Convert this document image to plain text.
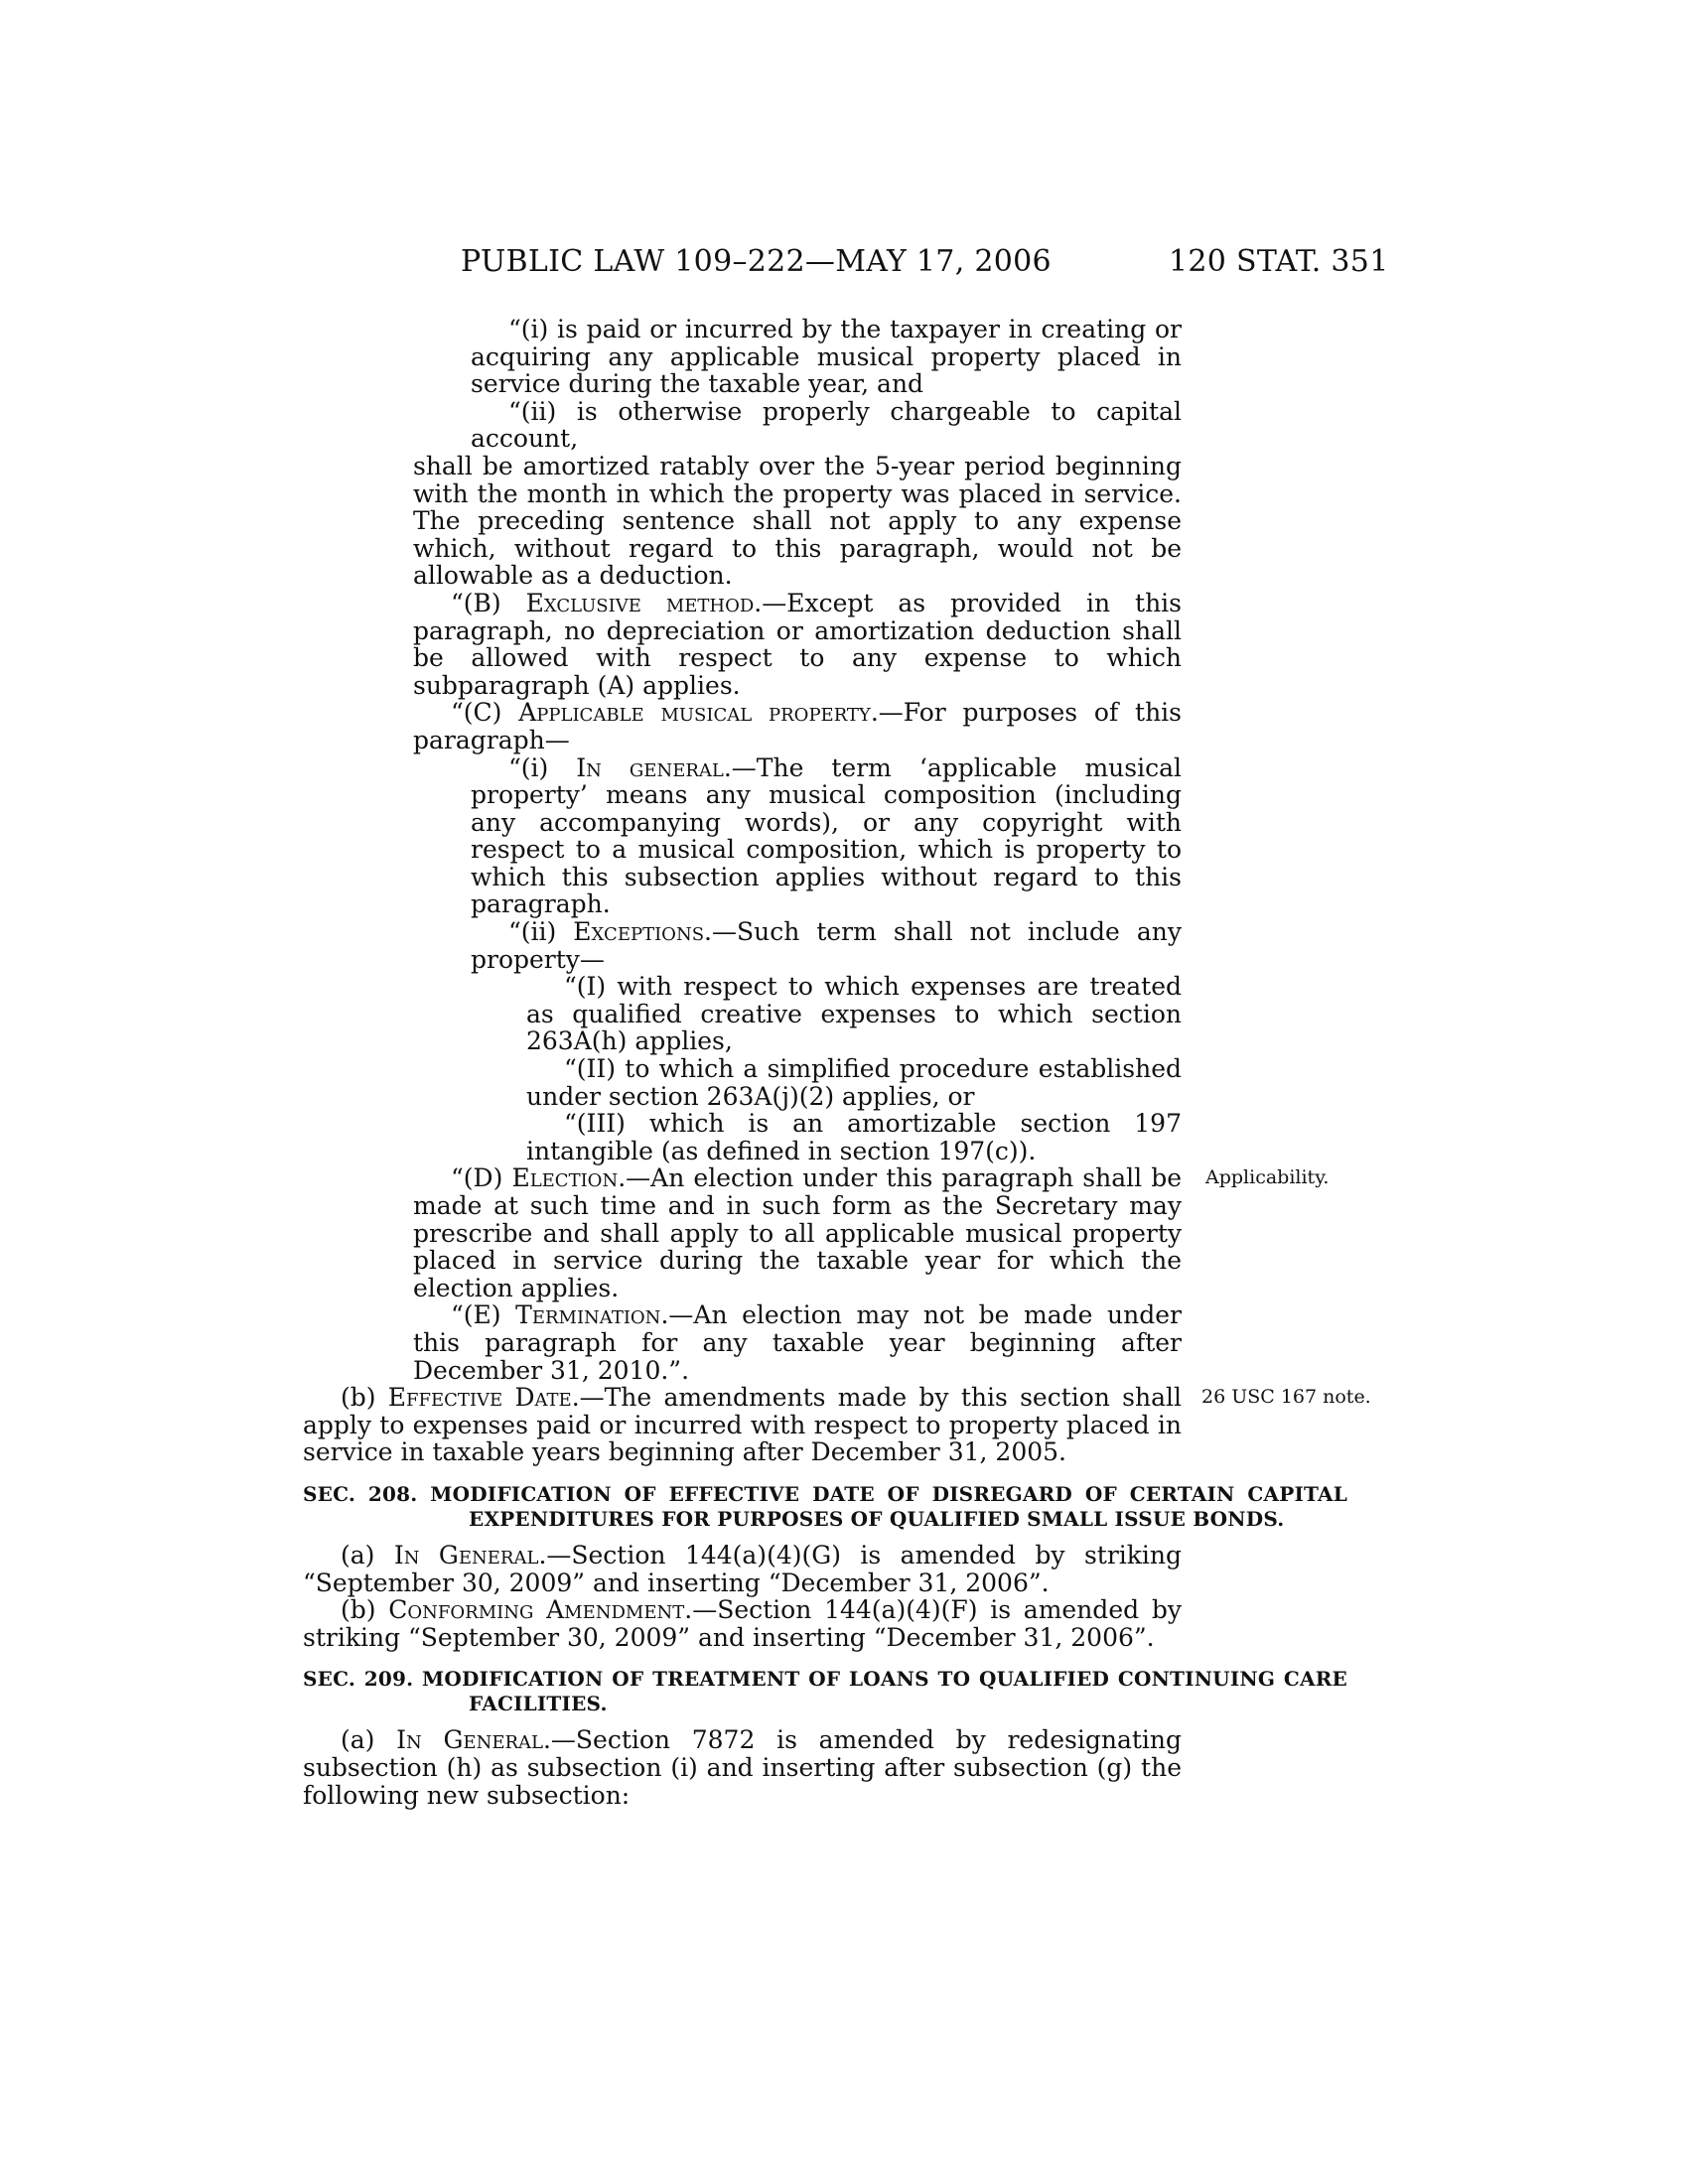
PUBLIC LAW 109–222—MAY 17, 2006	120 STAT. 351

“(i) is paid or incurred by the taxpayer in creating or acquiring any applicable musical property placed in service during the taxable year, and

“(ii) is otherwise properly chargeable to capital account,

shall be amortized ratably over the 5-year period beginning with the month in which the property was placed in service. The preceding sentence shall not apply to any expense which, without regard to this paragraph, would not be allowable as a deduction.

“(B) Exclusive method.—Except as provided in this paragraph, no depreciation or amortization deduction shall be allowed with respect to any expense to which subparagraph (A) applies.

“(C) Applicable musical property.—For purposes of this paragraph—

“(i) In general.—The term ‘applicable musical property’ means any musical composition (including any accompanying words), or any copyright with respect to a musical composition, which is property to which this subsection applies without regard to this paragraph.

“(ii) Exceptions.—Such term shall not include any property—

“(I) with respect to which expenses are treated as qualified creative expenses to which section 263A(h) applies,

“(II) to which a simplified procedure established under section 263A(j)(2) applies, or

“(III) which is an amortizable section 197 intangible (as defined in section 197(c)).

“(D) Election.—An election under this paragraph shall be made at such time and in such form as the Secretary may prescribe and shall apply to all applicable musical property placed in service during the taxable year for which the election applies.
Applicability.

“(E) Termination.—An election may not be made under this paragraph for any taxable year beginning after December 31, 2010.”.

(b) Effective Date.—The amendments made by this section shall apply to expenses paid or incurred with respect to property placed in service in taxable years beginning after December 31, 2005.
26 USC 167 note.

SEC. 208. MODIFICATION OF EFFECTIVE DATE OF DISREGARD OF CERTAIN CAPITAL EXPENDITURES FOR PURPOSES OF QUALIFIED SMALL ISSUE BONDS.

(a) In General.—Section 144(a)(4)(G) is amended by striking “September 30, 2009” and inserting “December 31, 2006”.

(b) Conforming Amendment.—Section 144(a)(4)(F) is amended by striking “September 30, 2009” and inserting “December 31, 2006”.

SEC. 209. MODIFICATION OF TREATMENT OF LOANS TO QUALIFIED CONTINUING CARE FACILITIES.

(a) In General.—Section 7872 is amended by redesignating subsection (h) as subsection (i) and inserting after subsection (g) the following new subsection:
